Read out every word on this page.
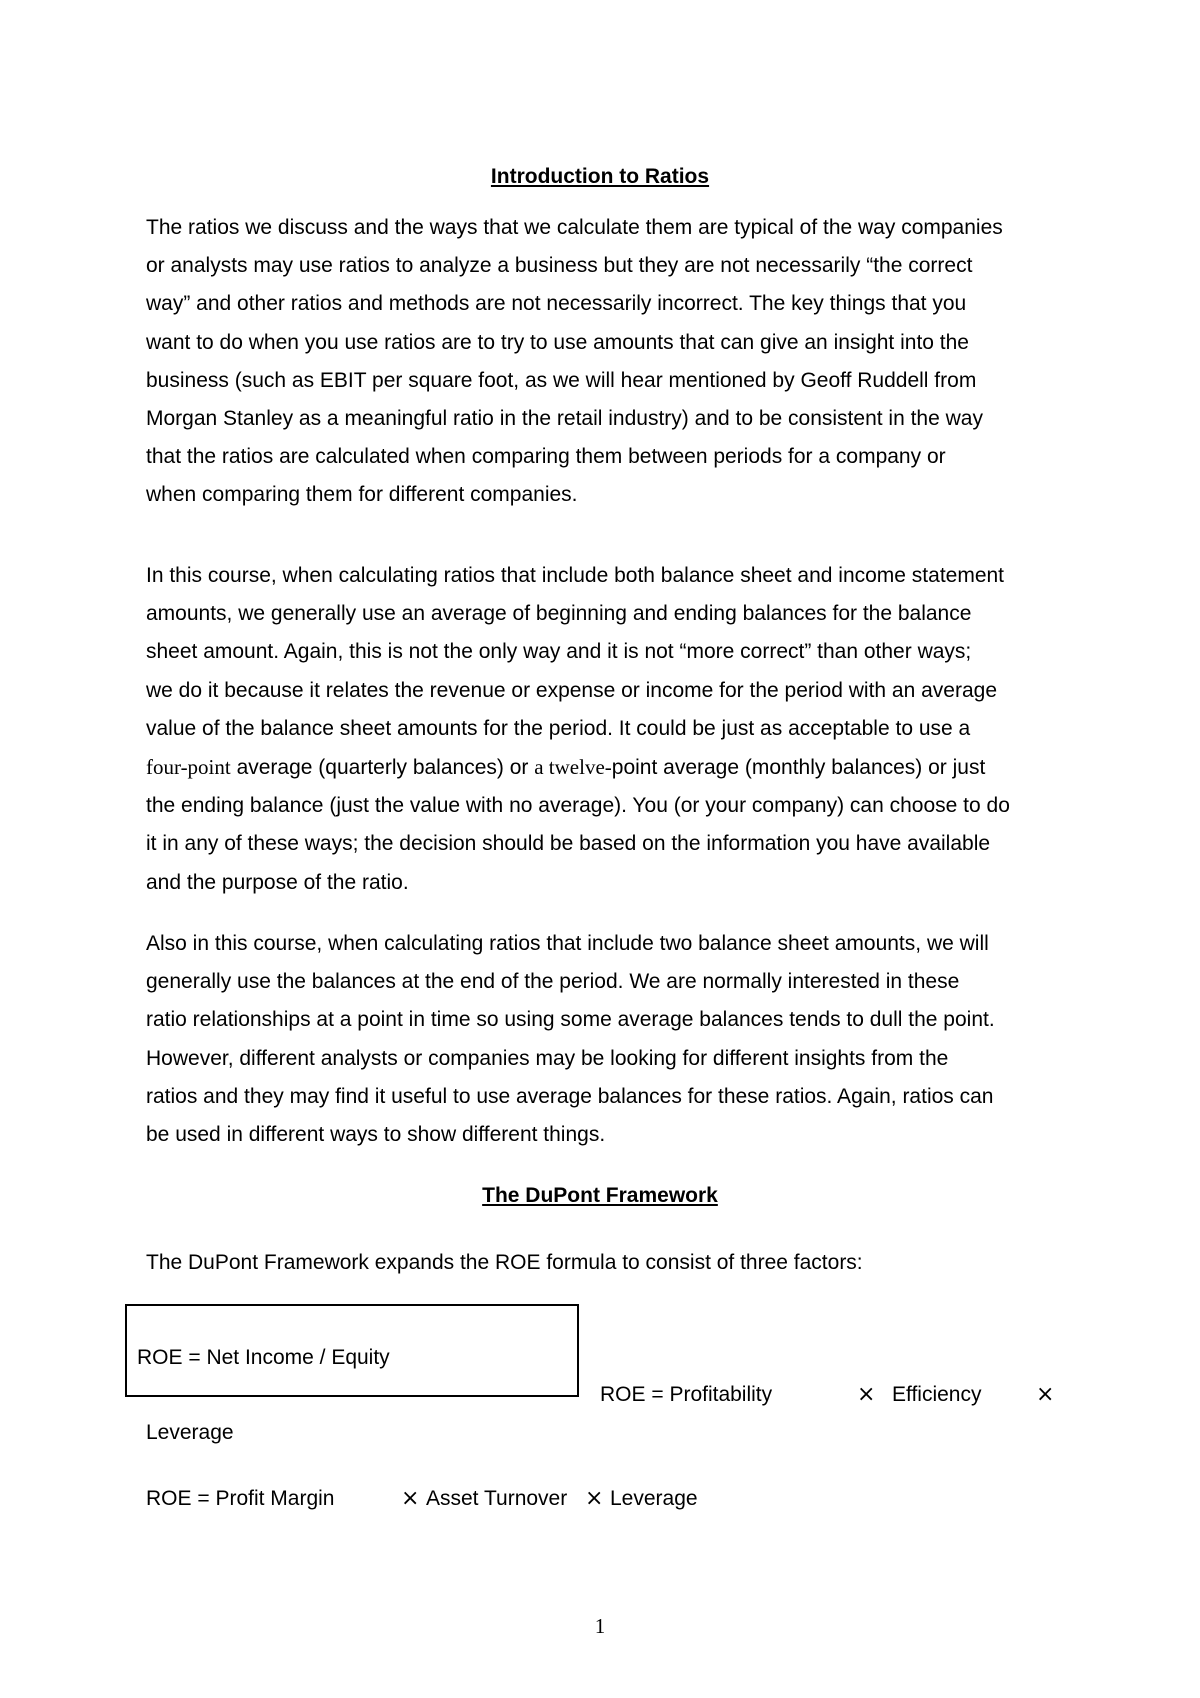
Introduction to Ratios
The ratios we discuss and the ways that we calculate them are typical of the way companies
or analysts may use ratios to analyze a business but they are not necessarily “the correct
way” and other ratios and methods are not necessarily incorrect. The key things that you
want to do when you use ratios are to try to use amounts that can give an insight into the
business (such as EBIT per square foot, as we will hear mentioned by Geoff Ruddell from
Morgan Stanley as a meaningful ratio in the retail industry) and to be consistent in the way
that the ratios are calculated when comparing them between periods for a company or
when comparing them for different companies.
In this course, when calculating ratios that include both balance sheet and income statement
amounts, we generally use an average of beginning and ending balances for the balance
sheet amount. Again, this is not the only way and it is not “more correct” than other ways;
we do it because it relates the revenue or expense or income for the period with an average
value of the balance sheet amounts for the period. It could be just as acceptable to use a
four-point average (quarterly balances) or a twelve-point average (monthly balances) or just
the ending balance (just the value with no average). You (or your company) can choose to do
it in any of these ways; the decision should be based on the information you have available
and the purpose of the ratio.
Also in this course, when calculating ratios that include two balance sheet amounts, we will
generally use the balances at the end of the period. We are normally interested in these
ratio relationships at a point in time so using some average balances tends to dull the point.
However, different analysts or companies may be looking for different insights from the
ratios and they may find it useful to use average balances for these ratios. Again, ratios can
be used in different ways to show different things.
The DuPont Framework
The DuPont Framework expands the ROE formula to consist of three factors:
ROE = Net Income / Equity
ROE = Profitability	× Efficiency ×
Leverage
ROE = Profit Margin	× Asset Turnover × Leverage
1
